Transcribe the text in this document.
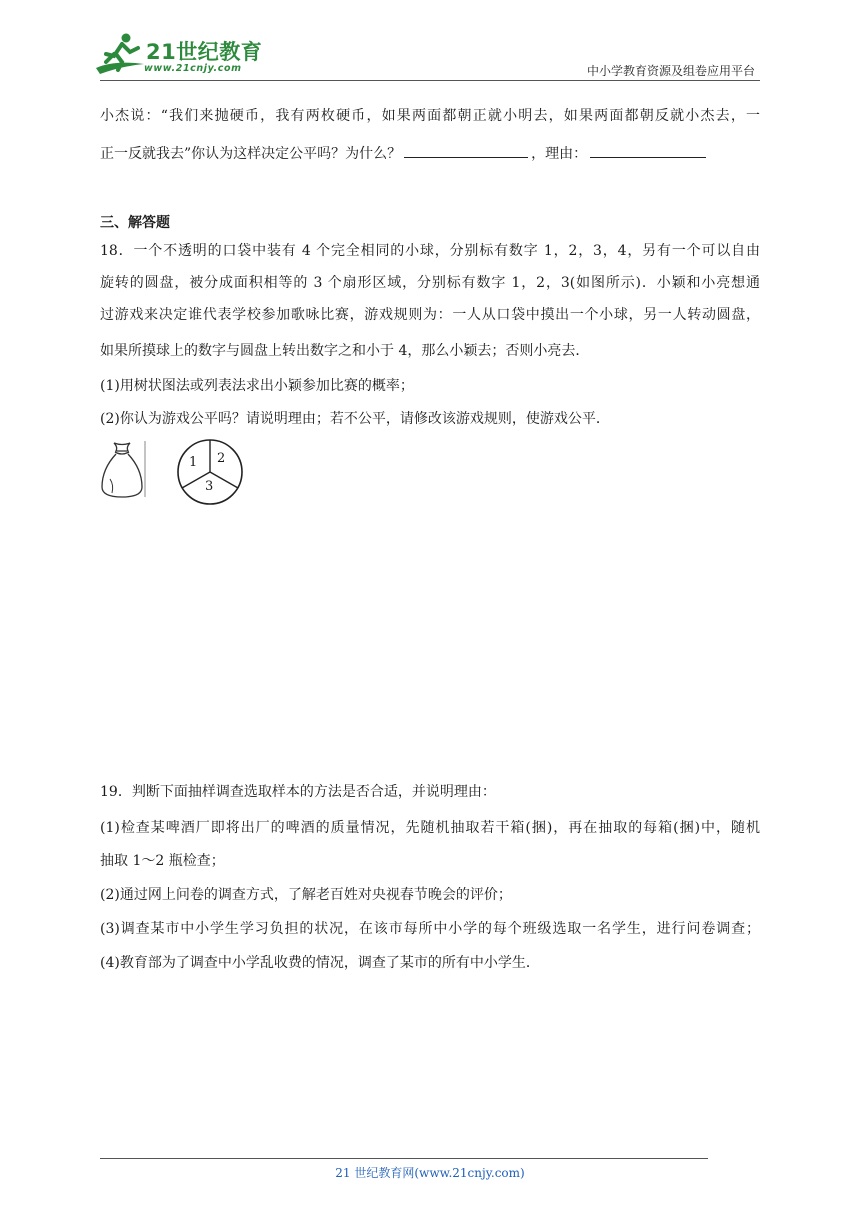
21世纪教育
www.21cnjy.com	中小学教育资源及组卷应用平台
小杰说：“我们来抛硬币，我有两枚硬币，如果两面都朝正就小明去，如果两面都朝反就小杰去，一
正一反就我去”你认为这样决定公平吗？为什么？	，理由：
三、解答题
18．一个不透明的口袋中装有 4 个完全相同的小球，分别标有数字 1，2，3，4，另有一个可以自由
旋转的圆盘，被分成面积相等的 3 个扇形区域，分别标有数字 1，2，3(如图所示)．小颖和小亮想通
过游戏来决定谁代表学校参加歌咏比赛，游戏规则为：一人从口袋中摸出一个小球，另一人转动圆盘，
如果所摸球上的数字与圆盘上转出数字之和小于 4，那么小颖去；否则小亮去．
(1)用树状图法或列表法求出小颖参加比赛的概率；
(2)你认为游戏公平吗？请说明理由；若不公平，请修改该游戏规则，使游戏公平．
1 2
3
19．判断下面抽样调查选取样本的方法是否合适，并说明理由：
(1)检查某啤酒厂即将出厂的啤酒的质量情况，先随机抽取若干箱(捆)，再在抽取的每箱(捆)中，随机
抽取 1～2 瓶检查；
(2)通过网上问卷的调查方式，了解老百姓对央视春节晚会的评价；
(3)调查某市中小学生学习负担的状况，在该市每所中小学的每个班级选取一名学生，进行问卷调查；
(4)教育部为了调查中小学乱收费的情况，调查了某市的所有中小学生．
21 世纪教育网(www.21cnjy.com)
